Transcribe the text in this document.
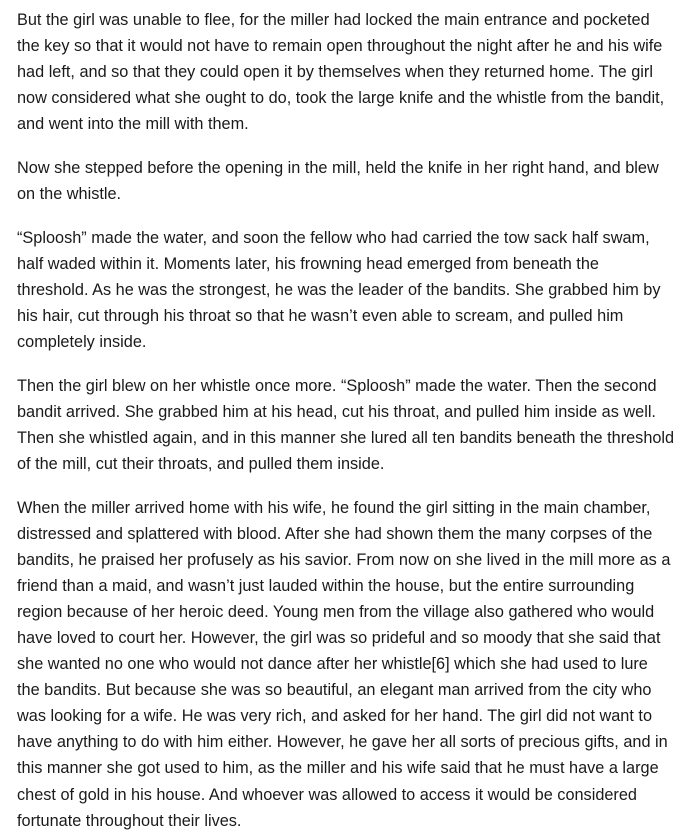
But the girl was unable to flee, for the miller had locked the main entrance and pocketed
the key so that it would not have to remain open throughout the night after he and his wife
had left, and so that they could open it by themselves when they returned home. The girl
now considered what she ought to do, took the large knife and the whistle from the bandit,
and went into the mill with them.

Now she stepped before the opening in the mill, held the knife in her right hand, and blew
on the whistle.

“Sploosh” made the water, and soon the fellow who had carried the tow sack half swam,
half waded within it. Moments later, his frowning head emerged from beneath the
threshold. As he was the strongest, he was the leader of the bandits. She grabbed him by
his hair, cut through his throat so that he wasn’t even able to scream, and pulled him
completely inside.

Then the girl blew on her whistle once more. “Sploosh” made the water. Then the second
bandit arrived. She grabbed him at his head, cut his throat, and pulled him inside as well.
Then she whistled again, and in this manner she lured all ten bandits beneath the threshold
of the mill, cut their throats, and pulled them inside.

When the miller arrived home with his wife, he found the girl sitting in the main chamber,
distressed and splattered with blood. After she had shown them the many corpses of the
bandits, he praised her profusely as his savior. From now on she lived in the mill more as a
friend than a maid, and wasn’t just lauded within the house, but the entire surrounding
region because of her heroic deed. Young men from the village also gathered who would
have loved to court her. However, the girl was so prideful and so moody that she said that
she wanted no one who would not dance after her whistle[6] which she had used to lure
the bandits. But because she was so beautiful, an elegant man arrived from the city who
was looking for a wife. He was very rich, and asked for her hand. The girl did not want to
have anything to do with him either. However, he gave her all sorts of precious gifts, and in
this manner she got used to him, as the miller and his wife said that he must have a large
chest of gold in his house. And whoever was allowed to access it would be considered
fortunate throughout their lives.
